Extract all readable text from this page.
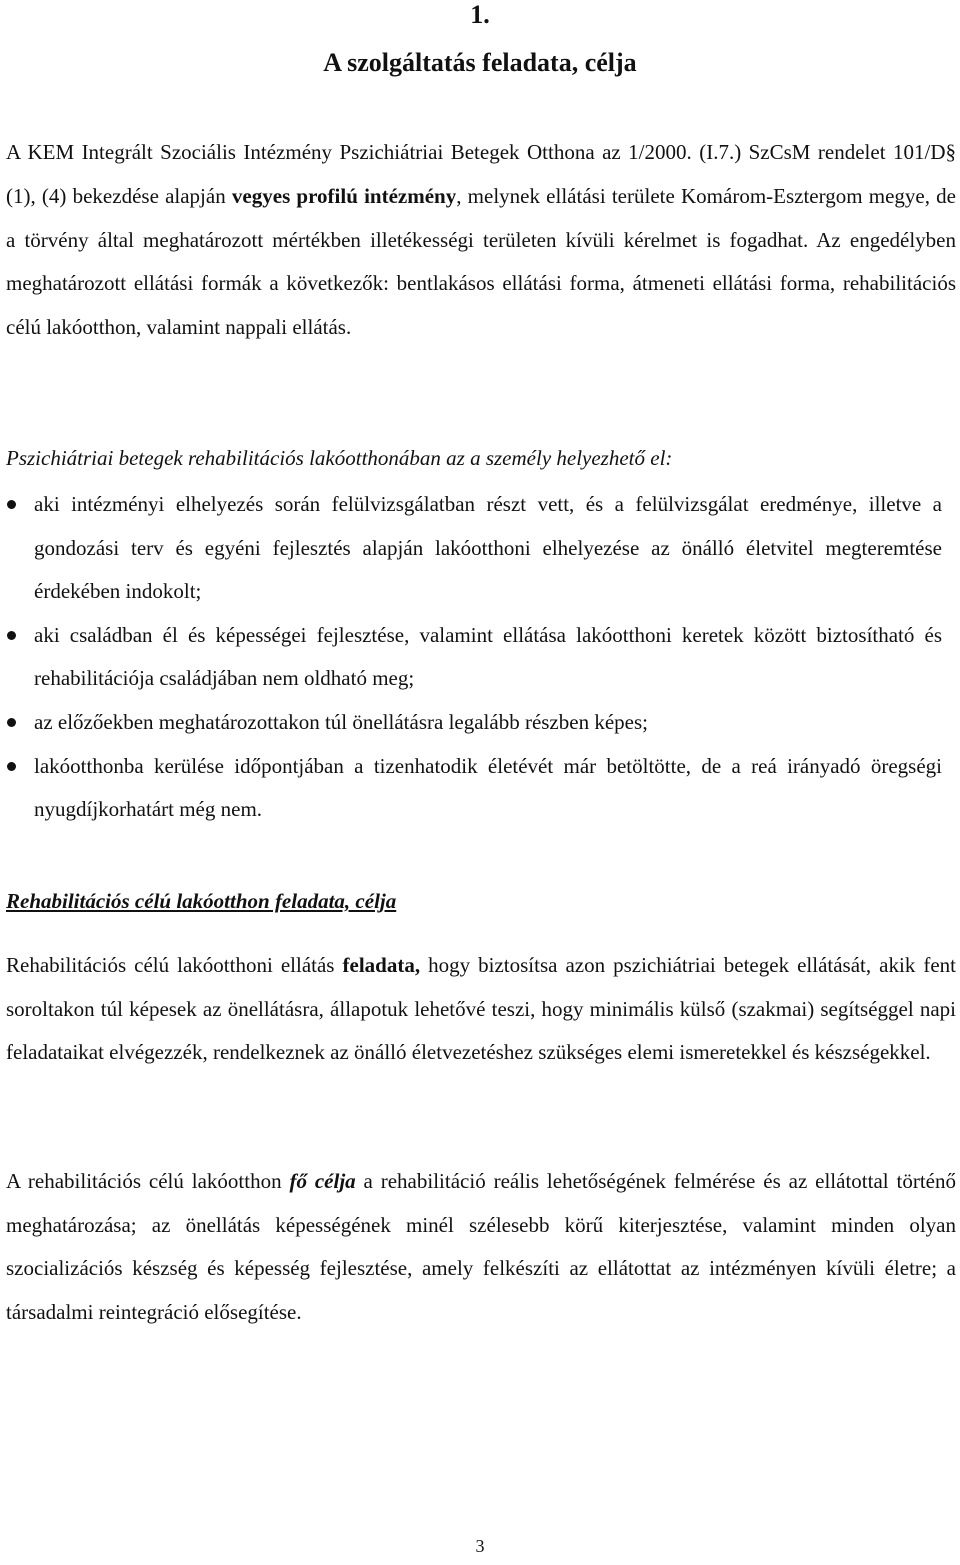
1.
A szolgáltatás feladata, célja

A KEM Integrált Szociális Intézmény Pszichiátriai Betegek Otthona az 1/2000. (I.7.) SzCsM rendelet 101/D§ (1), (4) bekezdése alapján vegyes profilú intézmény, melynek ellátási területe Komárom-Esztergom megye, de a törvény által meghatározott mértékben illetékességi területen kívüli kérelmet is fogadhat. Az engedélyben meghatározott ellátási formák a következők: bentlakásos ellátási forma, átmeneti ellátási forma, rehabilitációs célú lakóotthon, valamint nappali ellátás.

Pszichiátriai betegek rehabilitációs lakóotthonában az a személy helyezhető el:
aki intézményi elhelyezés során felülvizsgálatban részt vett, és a felülvizsgálat eredménye, illetve a gondozási terv és egyéni fejlesztés alapján lakóotthoni elhelyezése az önálló életvitel megteremtése érdekében indokolt;
aki családban él és képességei fejlesztése, valamint ellátása lakóotthoni keretek között biztosítható és rehabilitációja családjában nem oldható meg;
az előzőekben meghatározottakon túl önellátásra legalább részben képes;
lakóotthonba kerülése időpontjában a tizenhatodik életévét már betöltötte, de a reá irányadó öregségi nyugdíjkorhatárt még nem.
Rehabilitációs célú lakóotthon feladata, célja

Rehabilitációs célú lakóotthoni ellátás feladata, hogy biztosítsa azon pszichiátriai betegek ellátását, akik fent soroltakon túl képesek az önellátásra, állapotuk lehetővé teszi, hogy minimális külső (szakmai) segítséggel napi feladataikat elvégezzék, rendelkeznek az önálló életvezetéshez szükséges elemi ismeretekkel és készségekkel.

A rehabilitációs célú lakóotthon fő célja a rehabilitáció reális lehetőségének felmérése és az ellátottal történő meghatározása; az önellátás képességének minél szélesebb körű kiterjesztése, valamint minden olyan szocializációs készség és képesség fejlesztése, amely felkészíti az ellátottat az intézményen kívüli életre; a társadalmi reintegráció elősegítése.

3
